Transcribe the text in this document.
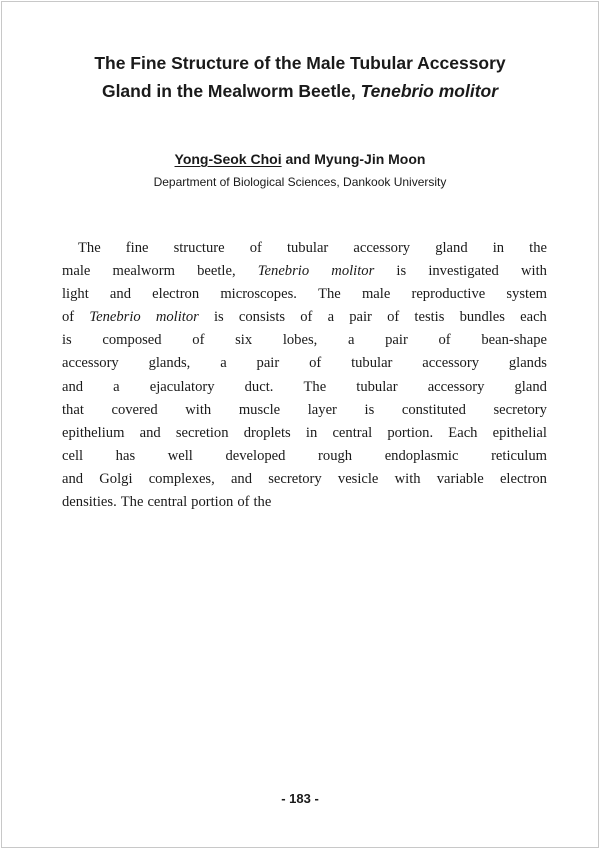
The Fine Structure of the Male Tubular Accessory
Gland in the Mealworm Beetle, Tenebrio molitor
Yong-Seok Choi and Myung-Jin Moon
Department of Biological Sciences, Dankook University
The fine structure of tubular accessory gland in the
male mealworm beetle, Tenebrio molitor is investigated with
light and electron microscopes. The male reproductive system
of Tenebrio molitor is consists of a pair of testis bundles each
is composed of six lobes, a pair of bean-shape
accessory glands, a pair of tubular accessory glands
and a ejaculatory duct. The tubular accessory gland
that covered with muscle layer is constituted secretory
epithelium and secretion droplets in central portion. Each epithelial
cell has well developed rough endoplasmic reticulum
and Golgi complexes, and secretory vesicle with variable electron
densities. The central portion of the
- 183 -
